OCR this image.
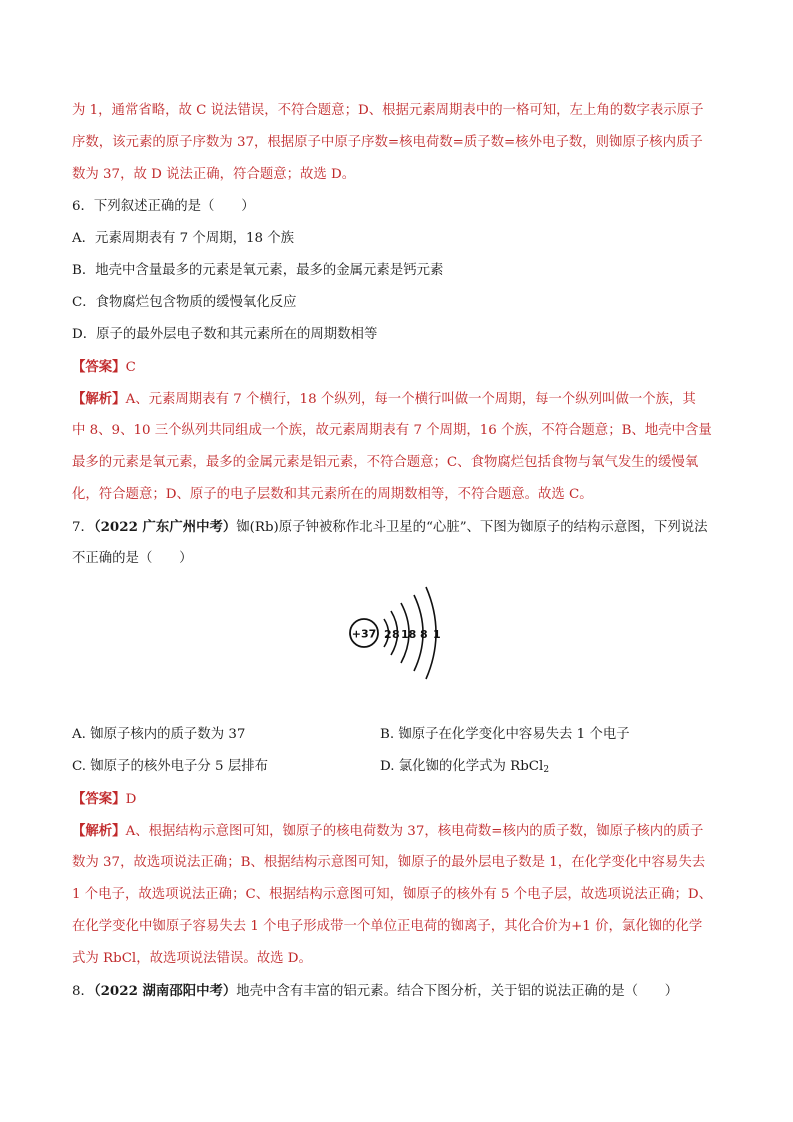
为 1，通常省略，故 C 说法错误，不符合题意；D、根据元素周期表中的一格可知，左上角的数字表示原子
序数，该元素的原子序数为 37，根据原子中原子序数=核电荷数=质子数=核外电子数，则铷原子核内质子
数为 37，故 D 说法正确，符合题意；故选 D。
6．下列叙述正确的是（　　）
A．元素周期表有 7 个周期，18 个族
B．地壳中含量最多的元素是氧元素，最多的金属元素是钙元素
C．食物腐烂包含物质的缓慢氧化反应
D．原子的最外层电子数和其元素所在的周期数相等
【答案】C
【解析】A、元素周期表有 7 个横行，18 个纵列，每一个横行叫做一个周期，每一个纵列叫做一个族，其
中 8、9、10 三个纵列共同组成一个族，故元素周期表有 7 个周期，16 个族，不符合题意；B、地壳中含量
最多的元素是氧元素，最多的金属元素是铝元素，不符合题意；C、食物腐烂包括食物与氧气发生的缓慢氧
化，符合题意；D、原子的电子层数和其元素所在的周期数相等，不符合题意。故选 C。
7．（2022 广东广州中考）铷(Rb)原子钟被称作北斗卫星的“心脏”、下图为铷原子的结构示意图，下列说法
不正确的是（　　）
+37 2 8 18 8 1
A. 铷原子核内的质子数为 37	B. 铷原子在化学变化中容易失去 1 个电子
C. 铷原子的核外电子分 5 层排布	D. 氯化铷的化学式为 RbCl$_2$
【答案】D
【解析】A、根据结构示意图可知，铷原子的核电荷数为 37，核电荷数=核内的质子数，铷原子核内的质子
数为 37，故选项说法正确；B、根据结构示意图可知，铷原子的最外层电子数是 1，在化学变化中容易失去
1 个电子，故选项说法正确；C、根据结构示意图可知，铷原子的核外有 5 个电子层，故选项说法正确；D、
在化学变化中铷原子容易失去 1 个电子形成带一个单位正电荷的铷离子，其化合价为+1 价，氯化铷的化学
式为 RbCl，故选项说法错误。故选 D。
8．（2022 湖南邵阳中考）地壳中含有丰富的铝元素。结合下图分析，关于铝的说法正确的是（　　）
